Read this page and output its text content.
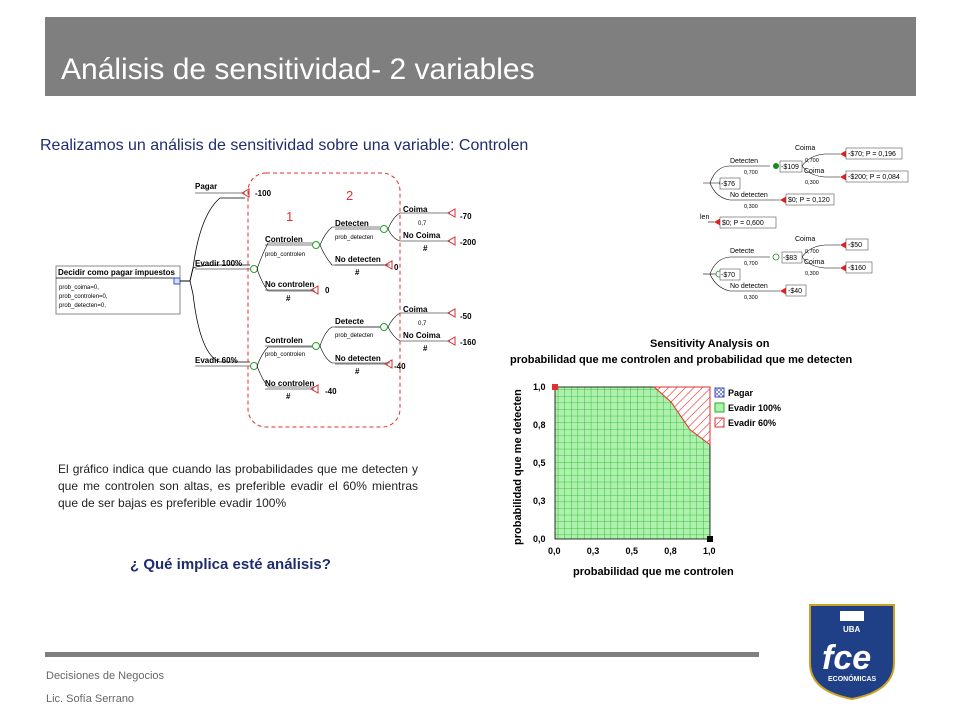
Análisis de sensitividad- 2 variables
Realizamos un análisis de sensitividad sobre una variable: Controlen
Decidir como pagar impuestos
prob_coima=0,
prob_controlen=0,
prob_detecten=0,
Pagar
-100
Evadir 100%
Controlen
prob_controlen
No controlen
#
0
Detecten
prob_detecten
No detecten
#
0
Coima
0,7
-70
No Coima
#
-200
Evadir 60%
Controlen
prob_controlen
No controlen
#
-40
Detecte
prob_detecten
No detecten
#
-40
Coima
0,7
-50
No Coima
#
-160
1
2
len
-$76
Detecten
0,700
-$109
Coima
0,700
Coima
0,300
-$70; P = 0,196
-$200; P = 0,084
No detecten
0,300
$0; P = 0,120
$0; P = 0,600
-$70
Detecte
0,700
-$83
Coima
0,700
Coima
0,300
-$50
-$160
No detecten
0,300
-$40
Sensitivity Analysis on
probabilidad que me controlen and probabilidad que me detecten
0,0	0,3	0,5	0,8	1,0
0,0
0,3
0,5
0,8
1,0
probabilidad que me controlen
probabilidad que me detecten	Pagar
Evadir 100%
Evadir 60%
El gráfico indica que cuando las probabilidades que me detecten y que me controlen son altas, es preferible evadir el 60% mientras que de ser bajas es preferible evadir 100%
¿ Qué implica esté análisis?
Decisiones de Negocios
Lic. Sofía Serrano
UBA
fce
ECONÓMICAS
